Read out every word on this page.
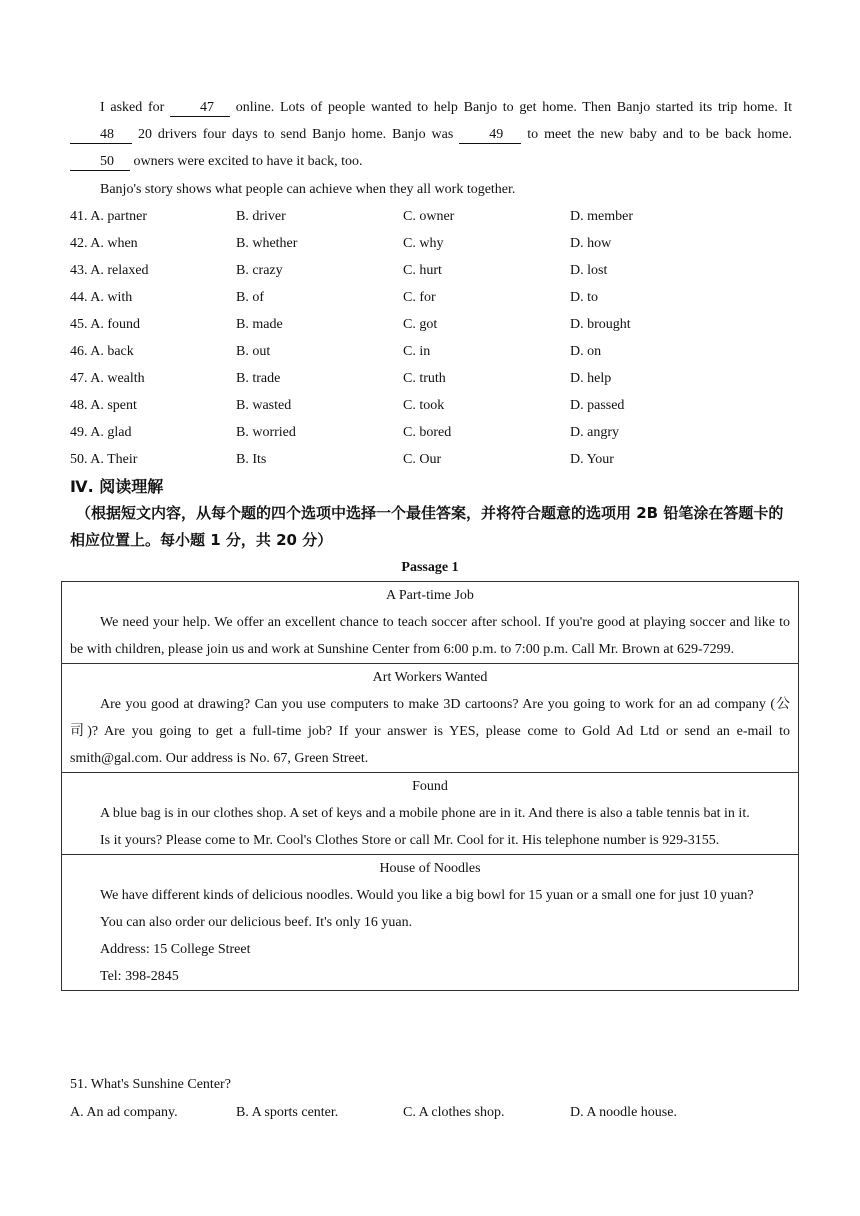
I asked for 47 online. Lots of people wanted to help Banjo to get home. Then Banjo started its trip home. It 48 20 drivers four days to send Banjo home. Banjo was 49 to meet the new baby and to be back home. 50 owners were excited to have it back, too.

Banjo's story shows what people can achieve when they all work together.

41. A. partner	B. driver	C. owner	D. member
42. A. when	B. whether	C. why	D. how
43. A. relaxed	B. crazy	C. hurt	D. lost
44. A. with	B. of	C. for	D. to
45. A. found	B. made	C. got	D. brought
46. A. back	B. out	C. in	D. on
47. A. wealth	B. trade	C. truth	D. help
48. A. spent	B. wasted	C. took	D. passed
49. A. glad	B. worried	C. bored	D. angry
50. A. Their	B. Its	C. Our	D. Your
Ⅳ. 阅读理解

（根据短文内容，从每个题的四个选项中选择一个最佳答案，并将符合题意的选项用 2B 铅笔涂在答题卡的相应位置上。每小题 1 分，共 20 分）

Passage 1
A Part-time Job

We need your help. We offer an excellent chance to teach soccer after school. If you're good at playing soccer and like to be with children, please join us and work at Sunshine Center from 6:00 p.m. to 7:00 p.m. Call Mr. Brown at 629-7299.

Art Workers Wanted

Are you good at drawing? Can you use computers to make 3D cartoons? Are you going to work for an ad company (公司)? Are you going to get a full-time job? If your answer is YES, please come to Gold Ad Ltd or send an e-mail to smith@gal.com. Our address is No. 67, Green Street.

Found

A blue bag is in our clothes shop. A set of keys and a mobile phone are in it. And there is also a table tennis bat in it.

Is it yours? Please come to Mr. Cool's Clothes Store or call Mr. Cool for it. His telephone number is 929-3155.

House of Noodles

We have different kinds of delicious noodles. Would you like a big bowl for 15 yuan or a small one for just 10 yuan?

You can also order our delicious beef. It's only 16 yuan.

Address: 15 College Street

Tel: 398-2845

51. What's Sunshine Center?
A. An ad company.	B. A sports center.	C. A clothes shop.	D. A noodle house.
